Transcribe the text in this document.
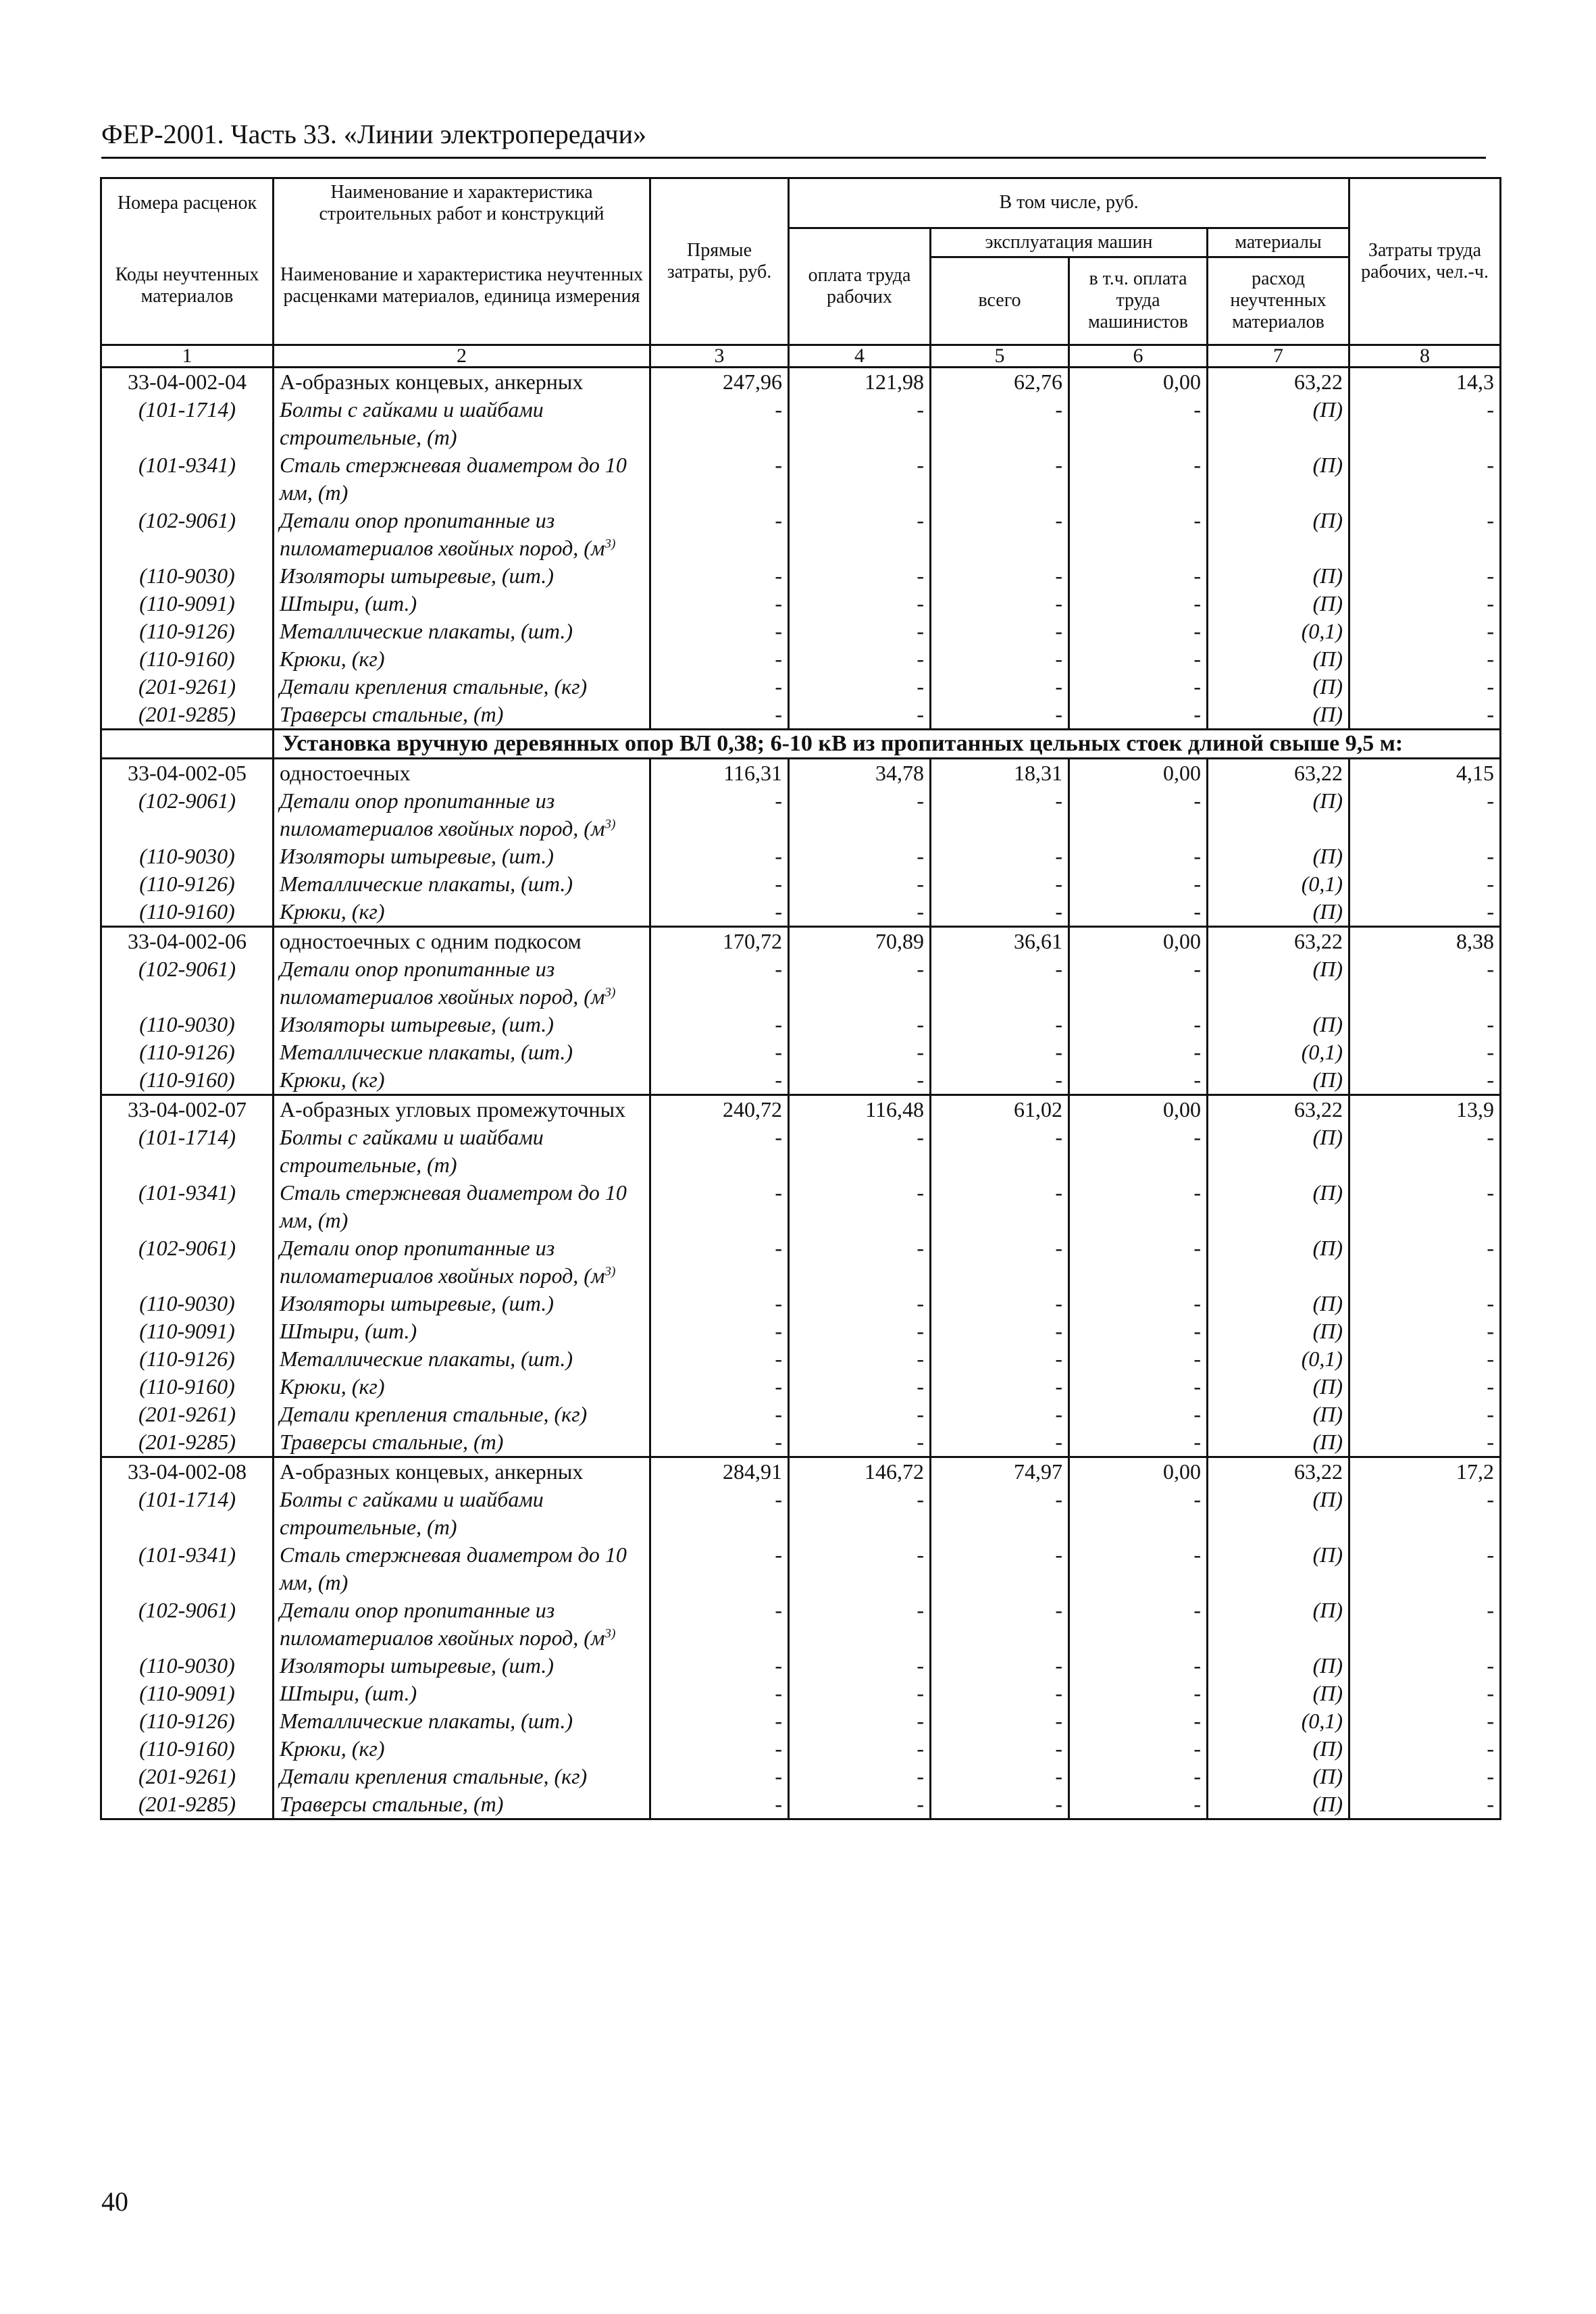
ФЕР-2001. Часть 33. «Линии электропередачи»
Номера расценок	Наименование и характеристика строительных работ и конструкций	Прямые затраты, руб.	В том числе, руб.				Затраты труда рабочих, чел.-ч.
Коды неучтенных материалов	Наименование и характеристика неучтенных расценками материалов, единица измерения		оплата труда рабочих	эксплуатация машин		материалы	
				всего	в т.ч. оплата труда машинистов	расход неучтенных материалов	
1	2	3	4	5	6	7	8
33-04-002-04	А-образных концевых, анкерных	247,96	121,98	62,76	0,00	63,22	14,3
(101-1714)	Болты с гайками и шайбами строительные, (т)	-	-	-	-	(П)	-
(101-9341)	Сталь стержневая диаметром до 10 мм, (т)	-	-	-	-	(П)	-
(102-9061)	Детали опор пропитанные из пиломатериалов хвойных пород, ($м^{3)}$	-	-	-	-	(П)	-
(110-9030)	Изоляторы штыревые, (шт.)	-	-	-	-	(П)	-
(110-9091)	Штыри, (шт.)	-	-	-	-	(П)	-
(110-9126)	Металлические плакаты, (шт.)	-	-	-	-	(0,1)	-
(110-9160)	Крюки, (кг)	-	-	-	-	(П)	-
(201-9261)	Детали крепления стальные, (кг)	-	-	-	-	(П)	-
(201-9285)	Траверсы стальные, (т)	-	-	-	-	(П)	-
	Установка вручную деревянных опор ВЛ 0,38; 6-10 кВ из пропитанных цельных стоек длиной свыше 9,5 м:						
33-04-002-05	одностоечных	116,31	34,78	18,31	0,00	63,22	4,15
(102-9061)	Детали опор пропитанные из пиломатериалов хвойных пород, ($м^{3)}$	-	-	-	-	(П)	-
(110-9030)	Изоляторы штыревые, (шт.)	-	-	-	-	(П)	-
(110-9126)	Металлические плакаты, (шт.)	-	-	-	-	(0,1)	-
(110-9160)	Крюки, (кг)	-	-	-	-	(П)	-
33-04-002-06	одностоечных с одним подкосом	170,72	70,89	36,61	0,00	63,22	8,38
(102-9061)	Детали опор пропитанные из пиломатериалов хвойных пород, ($м^{3)}$	-	-	-	-	(П)	-
(110-9030)	Изоляторы штыревые, (шт.)	-	-	-	-	(П)	-
(110-9126)	Металлические плакаты, (шт.)	-	-	-	-	(0,1)	-
(110-9160)	Крюки, (кг)	-	-	-	-	(П)	-
33-04-002-07	А-образных угловых промежуточных	240,72	116,48	61,02	0,00	63,22	13,9
(101-1714)	Болты с гайками и шайбами строительные, (т)	-	-	-	-	(П)	-
(101-9341)	Сталь стержневая диаметром до 10 мм, (т)	-	-	-	-	(П)	-
(102-9061)	Детали опор пропитанные из пиломатериалов хвойных пород, ($м^{3)}$	-	-	-	-	(П)	-
(110-9030)	Изоляторы штыревые, (шт.)	-	-	-	-	(П)	-
(110-9091)	Штыри, (шт.)	-	-	-	-	(П)	-
(110-9126)	Металлические плакаты, (шт.)	-	-	-	-	(0,1)	-
(110-9160)	Крюки, (кг)	-	-	-	-	(П)	-
(201-9261)	Детали крепления стальные, (кг)	-	-	-	-	(П)	-
(201-9285)	Траверсы стальные, (т)	-	-	-	-	(П)	-
33-04-002-08	А-образных концевых, анкерных	284,91	146,72	74,97	0,00	63,22	17,2
(101-1714)	Болты с гайками и шайбами строительные, (т)	-	-	-	-	(П)	-
(101-9341)	Сталь стержневая диаметром до 10 мм, (т)	-	-	-	-	(П)	-
(102-9061)	Детали опор пропитанные из пиломатериалов хвойных пород, ($м^{3)}$	-	-	-	-	(П)	-
(110-9030)	Изоляторы штыревые, (шт.)	-	-	-	-	(П)	-
(110-9091)	Штыри, (шт.)	-	-	-	-	(П)	-
(110-9126)	Металлические плакаты, (шт.)	-	-	-	-	(0,1)	-
(110-9160)	Крюки, (кг)	-	-	-	-	(П)	-
(201-9261)	Детали крепления стальные, (кг)	-	-	-	-	(П)	-
(201-9285)	Траверсы стальные, (т)	-	-	-	-	(П)	-
40
